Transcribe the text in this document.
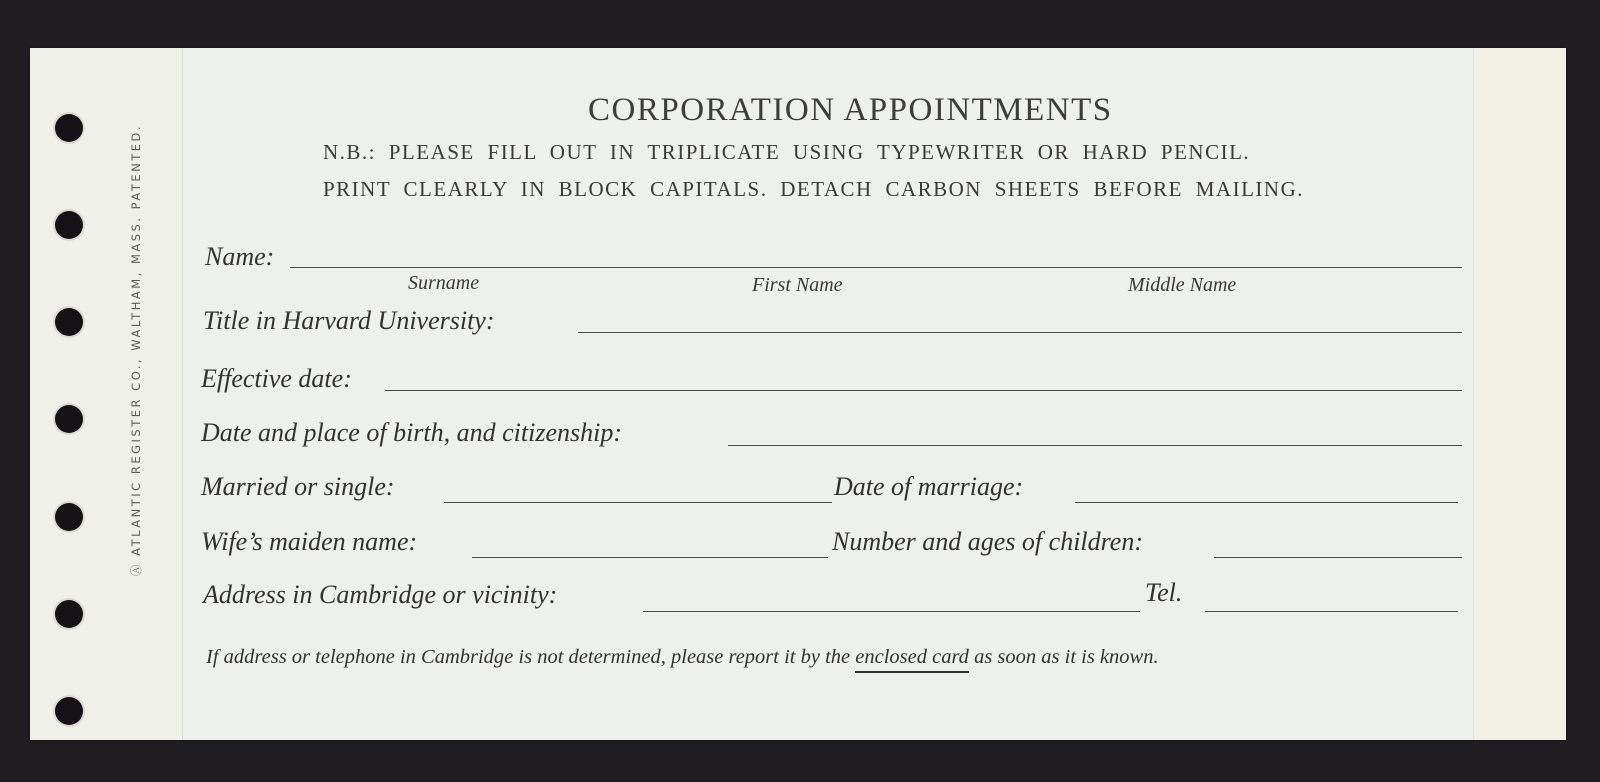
Ⓐ ATLANTIC REGISTER CO., WALTHAM, MASS. PATENTED.
CORPORATION APPOINTMENTS
N.B.: PLEASE FILL OUT IN TRIPLICATE USING TYPEWRITER OR HARD PENCIL.
PRINT CLEARLY IN BLOCK CAPITALS. DETACH CARBON SHEETS BEFORE MAILING.
Name:
Surname	First Name	Middle Name
Title in Harvard University:
Effective date:
Date and place of birth, and citizenship:
Married or single:	Date of marriage:
Wife’s maiden name:	Number and ages of children:
Address in Cambridge or vicinity:	Tel.
If address or telephone in Cambridge is not determined, please report it by the enclosed card as soon as it is known.
